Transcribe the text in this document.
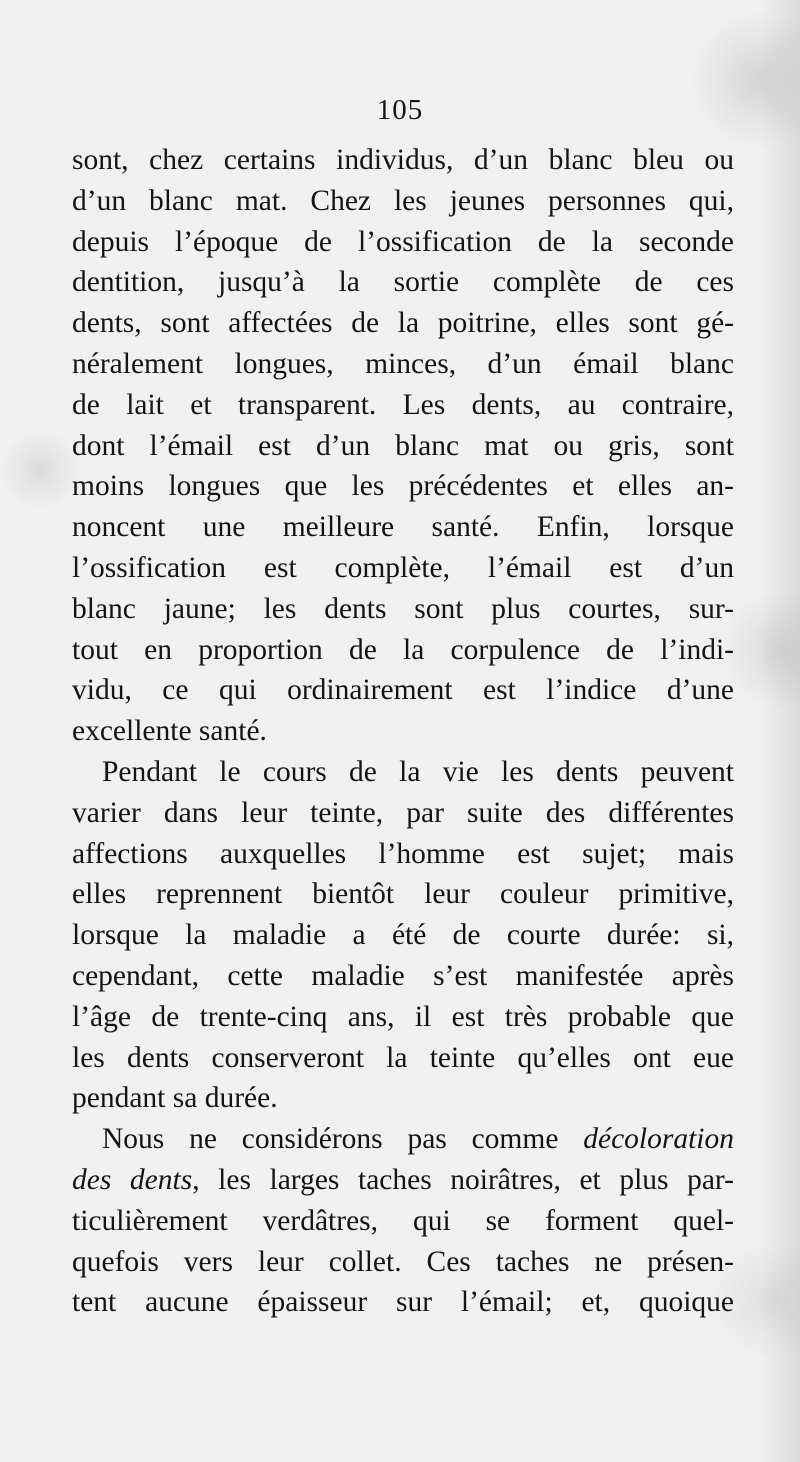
105
sont, chez certains individus, d’un blanc bleu ou
d’un blanc mat. Chez les jeunes personnes qui,
depuis l’époque de l’ossification de la seconde
dentition, jusqu’à la sortie complète de ces
dents, sont affectées de la poitrine, elles sont gé-
néralement longues, minces, d’un émail blanc
de lait et transparent. Les dents, au contraire,
dont l’émail est d’un blanc mat ou gris, sont
moins longues que les précédentes et elles an-
noncent une meilleure santé. Enfin, lorsque
l’ossification est complète, l’émail est d’un
blanc jaune; les dents sont plus courtes, sur-
tout en proportion de la corpulence de l’indi-
vidu, ce qui ordinairement est l’indice d’une
excellente santé.
Pendant le cours de la vie les dents peuvent
varier dans leur teinte, par suite des différentes
affections auxquelles l’homme est sujet; mais
elles reprennent bientôt leur couleur primitive,
lorsque la maladie a été de courte durée: si,
cependant, cette maladie s’est manifestée après
l’âge de trente-cinq ans, il est très probable que
les dents conserveront la teinte qu’elles ont eue
pendant sa durée.
Nous ne considérons pas comme décoloration
des dents, les larges taches noirâtres, et plus par-
ticulièrement verdâtres, qui se forment quel-
quefois vers leur collet. Ces taches ne présen-
tent aucune épaisseur sur l’émail; et, quoique
